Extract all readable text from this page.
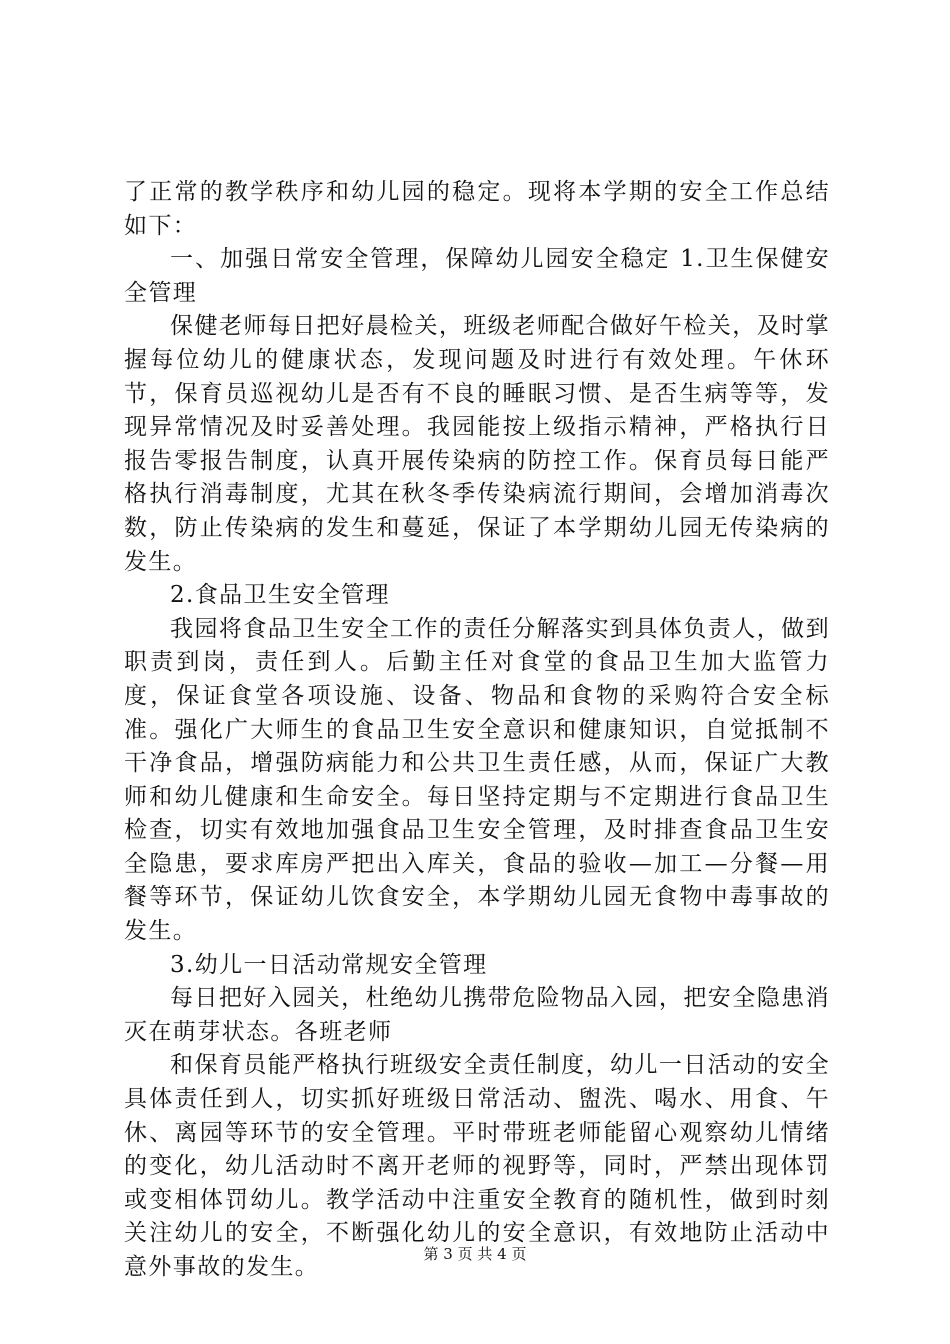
了正常的教学秩序和幼儿园的稳定。现将本学期的安全工作总结如下：

一、加强日常安全管理，保障幼儿园安全稳定 1.卫生保健安全管理

保健老师每日把好晨检关，班级老师配合做好午检关，及时掌握每位幼儿的健康状态，发现问题及时进行有效处理。午休环节，保育员巡视幼儿是否有不良的睡眠习惯、是否生病等等，发现异常情况及时妥善处理。我园能按上级指示精神，严格执行日报告零报告制度，认真开展传染病的防控工作。保育员每日能严格执行消毒制度，尤其在秋冬季传染病流行期间，会增加消毒次数，防止传染病的发生和蔓延，保证了本学期幼儿园无传染病的发生。

2.食品卫生安全管理

我园将食品卫生安全工作的责任分解落实到具体负责人，做到职责到岗，责任到人。后勤主任对食堂的食品卫生加大监管力度，保证食堂各项设施、设备、物品和食物的采购符合安全标准。强化广大师生的食品卫生安全意识和健康知识，自觉抵制不干净食品，增强防病能力和公共卫生责任感，从而，保证广大教师和幼儿健康和生命安全。每日坚持定期与不定期进行食品卫生检查，切实有效地加强食品卫生安全管理，及时排查食品卫生安全隐患，要求库房严把出入库关，食品的验收—加工—分餐—用餐等环节，保证幼儿饮食安全，本学期幼儿园无食物中毒事故的发生。

3.幼儿一日活动常规安全管理

每日把好入园关，杜绝幼儿携带危险物品入园，把安全隐患消灭在萌芽状态。各班老师

和保育员能严格执行班级安全责任制度，幼儿一日活动的安全具体责任到人，切实抓好班级日常活动、盥洗、喝水、用食、午休、离园等环节的安全管理。平时带班老师能留心观察幼儿情绪的变化，幼儿活动时不离开老师的视野等，同时，严禁出现体罚或变相体罚幼儿。教学活动中注重安全教育的随机性，做到时刻关注幼儿的安全，不断强化幼儿的安全意识，有效地防止活动中意外事故的发生。	第 3 页 共 4 页
